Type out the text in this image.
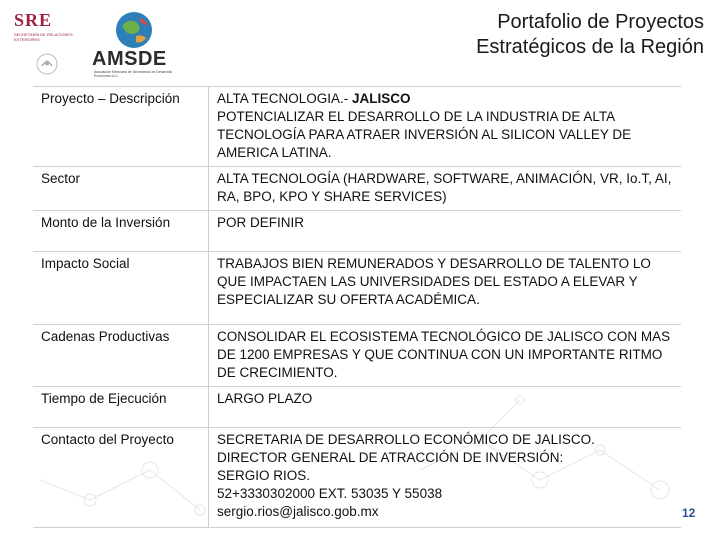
SRE
SECRETARÍA DE RELACIONES EXTERIORES
AMSDE
Asociación Mexicana de Secretarios de Desarrollo Económico A.C.
Portafolio de Proyectos
Estratégicos de la Región
Proyecto – Descripción	ALTA TECNOLOGIA.- JALISCO
POTENCIALIZAR EL DESARROLLO DE LA INDUSTRIA DE ALTA TECNOLOGÍA PARA ATRAER INVERSIÓN AL SILICON VALLEY DE AMERICA LATINA.
Sector	ALTA TECNOLOGÍA (HARDWARE, SOFTWARE, ANIMACIÓN, VR, Io.T, AI, RA, BPO, KPO Y SHARE SERVICES)
Monto de la Inversión	POR DEFINIR
Impacto Social	TRABAJOS BIEN REMUNERADOS Y DESARROLLO DE TALENTO LO QUE IMPACTAEN LAS UNIVERSIDADES DEL ESTADO A ELEVAR Y ESPECIALIZAR SU OFERTA ACADÉMICA.
Cadenas Productivas	CONSOLIDAR EL ECOSISTEMA TECNOLÓGICO DE JALISCO CON MAS DE 1200 EMPRESAS Y QUE CONTINUA CON UN IMPORTANTE RITMO DE CRECIMIENTO.
Tiempo de Ejecución	LARGO PLAZO
Contacto del Proyecto	SECRETARIA DE DESARROLLO ECONÓMICO DE JALISCO.
DIRECTOR GENERAL DE ATRACCIÓN DE INVERSIÓN:
SERGIO RIOS.
52+3330302000 EXT. 53035 Y 55038
sergio.rios@jalisco.gob.mx	12
